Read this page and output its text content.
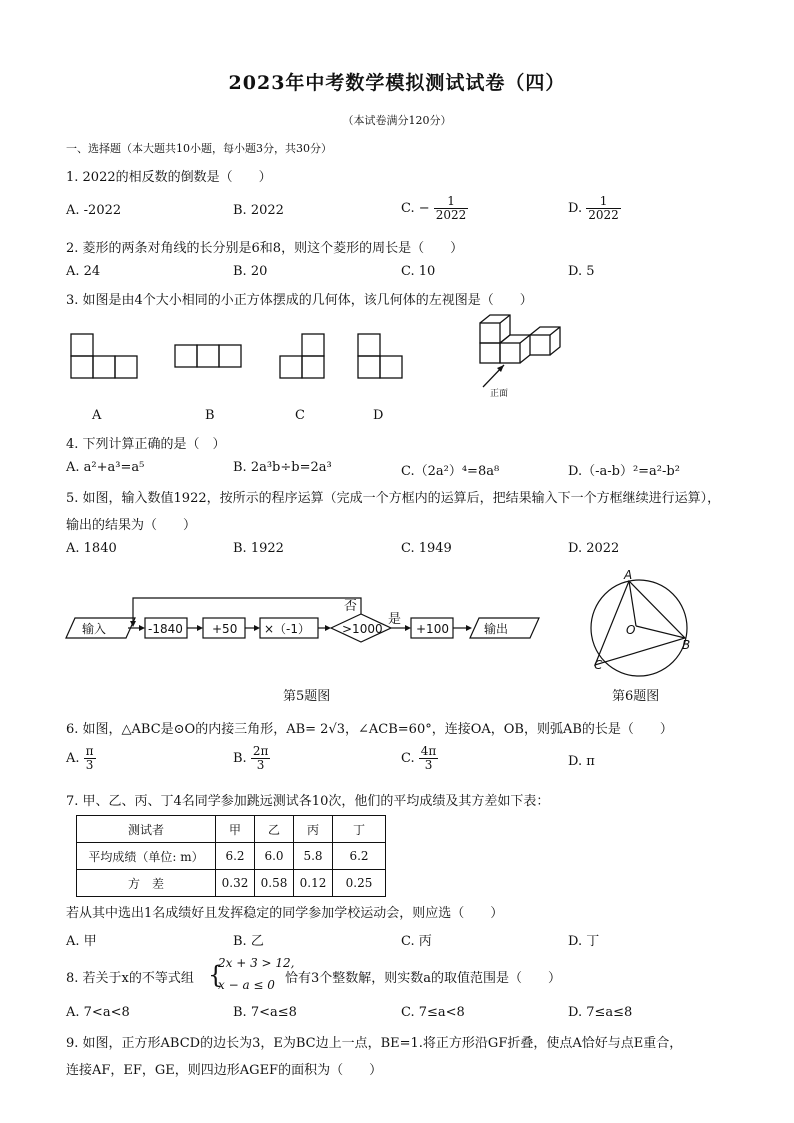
2023年中考数学模拟测试试卷（四）
（本试卷满分120分）
一、选择题（本大题共10小题，每小题3分，共30分）
1. 2022的相反数的倒数是（　　）
A. -2022	B. 2022	C. − $\frac{1}{2022}$	D. $\frac{1}{2022}$
2. 菱形的两条对角线的长分别是6和8，则这个菱形的周长是（　　）
A. 24	B. 20	C. 10	D. 5
3. 如图是由4个大小相同的小正方体摆成的几何体，该几何体的左视图是（　　）
正面
A	B	C	D
4. 下列计算正确的是（　）
A. a²+a³=a⁵	B. 2a³b÷b=2a³	C.（2a²）⁴=8a⁸	D.（-a-b）²=a²-b²
5. 如图，输入数值1922，按所示的程序运算（完成一个方框内的运算后，把结果输入下一个方框继续进行运算），
输出的结果为（　　）
A. 1840	B. 1922	C. 1949	D. 2022
输入	-1840 +50 ×（-1）	>1000
否
是
+100	输出
第5题图
A
B
C
O
第6题图
6. 如图，△ABC是⊙O的内接三角形，AB= 2√3，∠ACB=60°，连接OA，OB，则弧AB的长是（　　）
A. $\frac{\pi}{3}$	B. $\frac{2\pi}{3}$	C. $\frac{4\pi}{3}$	D. π
7. 甲、乙、丙、丁4名同学参加跳远测试各10次，他们的平均成绩及其方差如下表：
测试者	甲	乙	丙	丁
平均成绩（单位: m）	6.2	6.0	5.8	6.2
方　差	0.32	0.58	0.12	0.25
若从其中选出1名成绩好且发挥稳定的同学参加学校运动会，则应选（　　）
A. 甲	B. 乙	C. 丙	D. 丁
8. 若关于x的不等式组 {
2x + 3 > 12,
x − a ≤ 0 恰有3个整数解，则实数a的取值范围是（　　）
A. 7<a<8	B. 7<a≤8	C. 7≤a<8	D. 7≤a≤8
9. 如图，正方形ABCD的边长为3，E为BC边上一点，BE=1.将正方形沿GF折叠，使点A恰好与点E重合，
连接AF，EF，GE，则四边形AGEF的面积为（　　）
